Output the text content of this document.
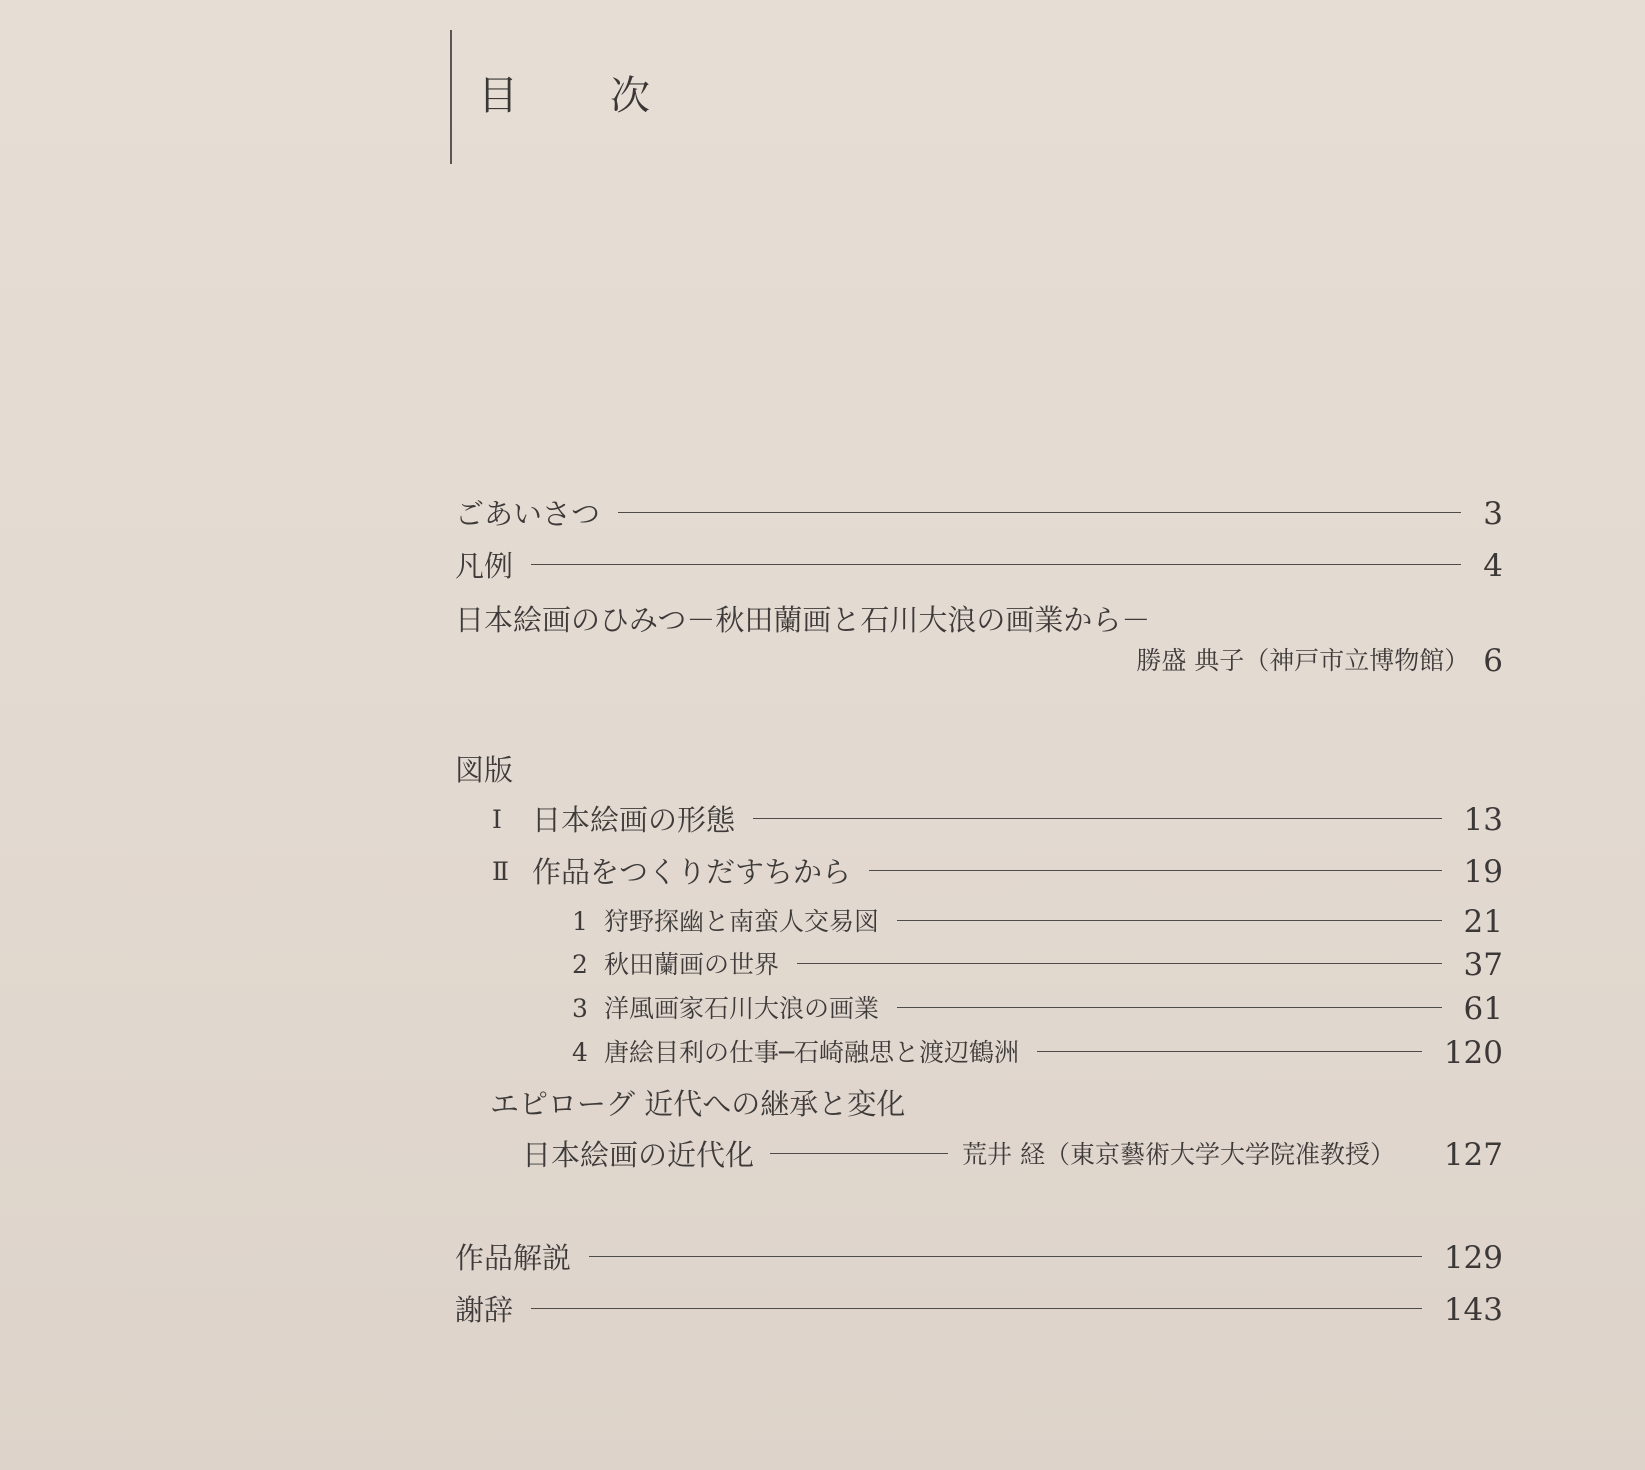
目　次
ごあいさつ	3
凡例	4
日本絵画のひみつ－秋田蘭画と石川大浪の画業から－
勝盛 典子（神戸市立博物館） 6
図版
Ⅰ	日本絵画の形態	13
Ⅱ 作品をつくりだすちから	19
1 狩野探幽と南蛮人交易図	21
2 秋田蘭画の世界	37
3 洋風画家石川大浪の画業	61
4 唐絵目利の仕事─石崎融思と渡辺鶴洲	120
エピローグ 近代への継承と変化
日本絵画の近代化	荒井 経（東京藝術大学大学院准教授） 127
作品解説	129
謝辞	143
